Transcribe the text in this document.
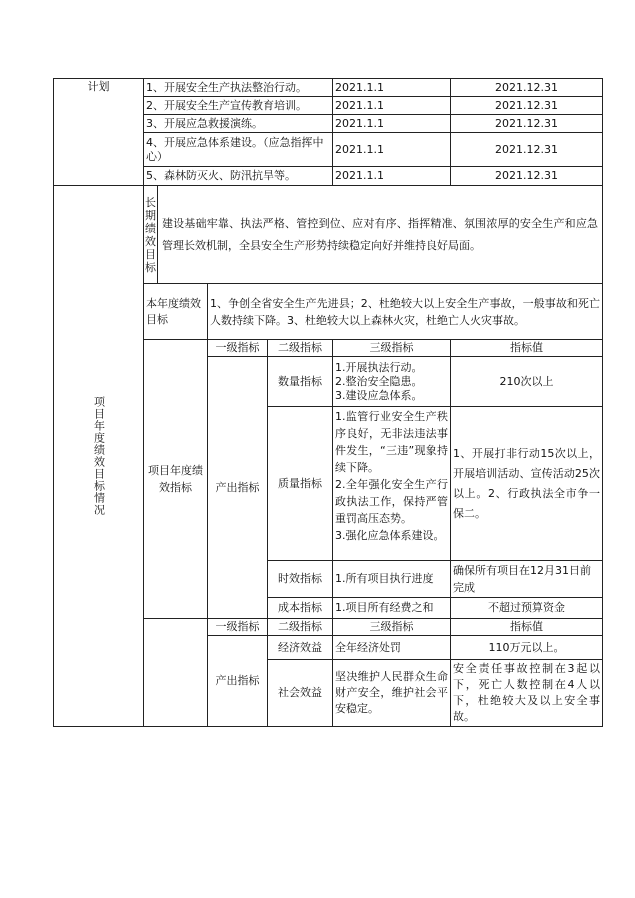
计划	1、开展安全生产执法整治行动。				2021.1.1	2021.12.31
	2、开展安全生产宣传教育培训。				2021.1.1	2021.12.31
	3、开展应急救援演练。				2021.1.1	2021.12.31
	4、开展应急体系建设。（应急指挥中心）				2021.1.1	2021.12.31
	5、森林防灭火、防汛抗旱等。				2021.1.1	2021.12.31

项目年度绩效目标情况	长期绩效目标	建设基础牢靠、执法严格、管控到位、应对有序、指挥精准、氛围浓厚的安全生产和应急管理长效机制，全县安全生产形势持续稳定向好并维持良好局面。				
	本年度绩效目标		1、争创全省安全生产先进县；2、杜绝较大以上安全生产事故，一般事故和死亡人数持续下降。3、杜绝较大以上森林火灾，杜绝亡人火灾事故。			
	项目年度绩效指标		一级指标	二级指标	三级指标	指标值
			产出指标	数量指标	1.开展执法行动。
2.整治安全隐患。
3.建设应急体系。	210次以上
				质量指标	1.监管行业安全生产秩序良好，无非法违法事件发生，“三违”现象持续下降。
2.全年强化安全生产行政执法工作，保持严管重罚高压态势。
3.强化应急体系建设。	1、开展打非行动15次以上，开展培训活动、宣传活动25次以上。2、行政执法全市争一保二。
				时效指标	1.所有项目执行进度	确保所有项目在12月31日前完成
				成本指标	1.项目所有经费之和	不超过预算资金
			一级指标	二级指标	三级指标	指标值
			产出指标	经济效益	全年经济处罚	110万元以上。
				社会效益	坚决维护人民群众生命财产安全，维护社会平安稳定。	安全责任事故控制在3起以下，死亡人数控制在4人以下，杜绝较大及以上安全事故。
